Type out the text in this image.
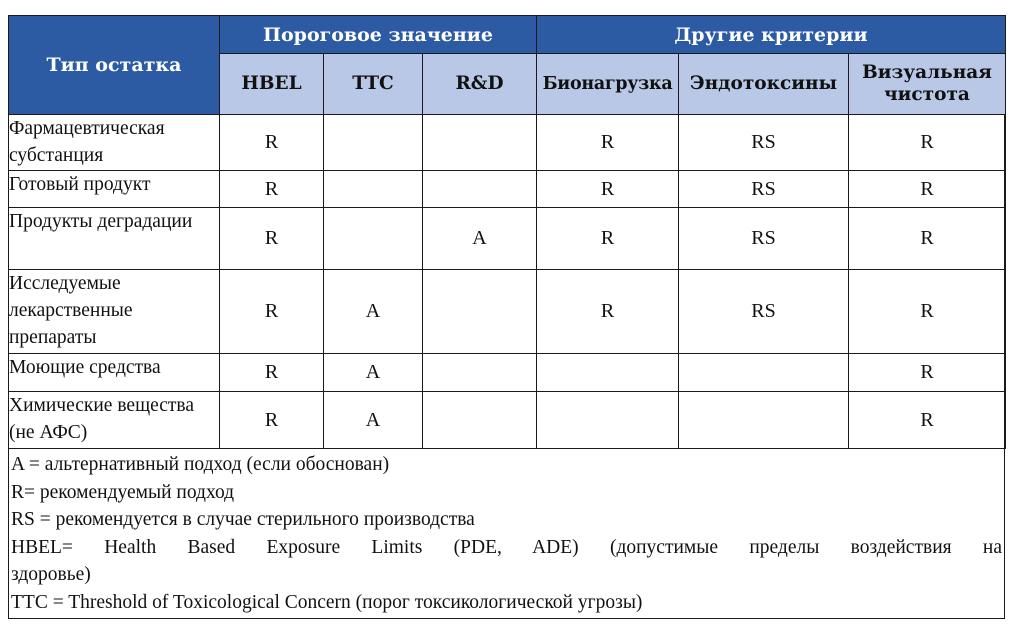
Тип остатка	Пороговое значение			Другие критерии		
	HBEL	TTC	R&D	Бионагрузка	Эндотоксины	Визуальная чистота
Фармацевтическая субстанция	R			R	RS	R
Готовый продукт	R			R	RS	R
Продукты деградации	R		A	R	RS	R
Исследуемые лекарственные препараты	R	A		R	RS	R
Моющие средства	R	A				R
Химические вещества (не АФС)	R	A				R
A = альтернативный подход (если обоснован)
R= рекомендуемый подход
RS = рекомендуется в случае стерильного производства
HBEL= Health Based Exposure Limits (PDE, ADE) (допустимые пределы воздействия на
здоровье)
TTC = Threshold of Toxicological Concern (порог токсикологической угрозы)
